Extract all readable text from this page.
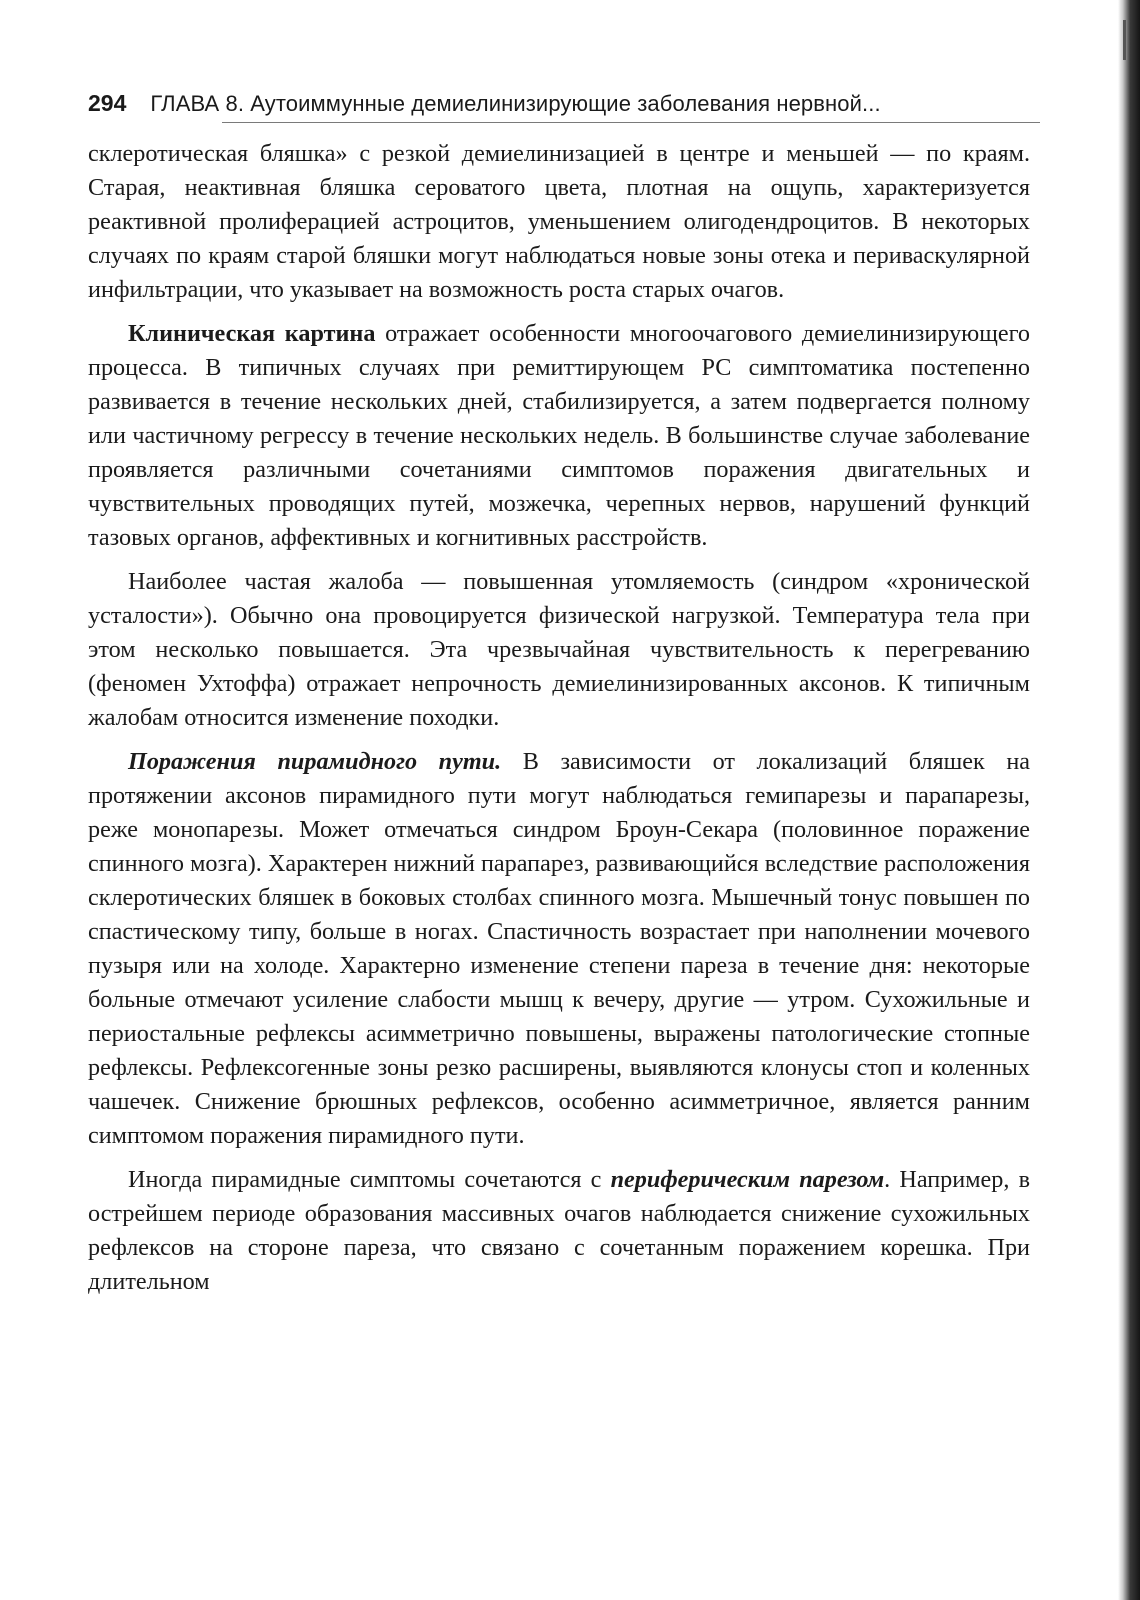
294 ГЛАВА 8. Аутоиммунные демиелинизирующие заболевания нервной...

склеротическая бляшка» с резкой демиелинизацией в центре и меньшей — по краям. Старая, неактивная бляшка сероватого цвета, плотная на ощупь, характеризуется реактивной пролиферацией астроцитов, уменьшением олигодендроцитов. В некоторых случаях по краям старой бляшки могут наблюдаться новые зоны отека и периваскулярной инфильтрации, что указывает на возможность роста старых очагов.

Клиническая картина отражает особенности многоочагового демиелинизирующего процесса. В типичных случаях при ремиттирующем РС симптоматика постепенно развивается в течение нескольких дней, стабилизируется, а затем подвергается полному или частичному регрессу в течение нескольких недель. В большинстве случае заболевание проявляется различными сочетаниями симптомов поражения двигательных и чувствительных проводящих путей, мозжечка, черепных нервов, нарушений функций тазовых органов, аффективных и когнитивных расстройств.

Наиболее частая жалоба — повышенная утомляемость (синдром «хронической усталости»). Обычно она провоцируется физической нагрузкой. Температура тела при этом несколько повышается. Эта чрезвычайная чувствительность к перегреванию (феномен Ухтоффа) отражает непрочность демиелинизированных аксонов. К типичным жалобам относится изменение походки.

Поражения пирамидного пути. В зависимости от локализаций бляшек на протяжении аксонов пирамидного пути могут наблюдаться гемипарезы и парапарезы, реже монопарезы. Может отмечаться синдром Броун-Секара (половинное поражение спинного мозга). Характерен нижний парапарез, развивающийся вследствие расположения склеротических бляшек в боковых столбах спинного мозга. Мышечный тонус повышен по спастическому типу, больше в ногах. Спастичность возрастает при наполнении мочевого пузыря или на холоде. Характерно изменение степени пареза в течение дня: некоторые больные отмечают усиление слабости мышц к вечеру, другие — утром. Сухожильные и периостальные рефлексы асимметрично повышены, выражены патологические стопные рефлексы. Рефлексогенные зоны резко расширены, выявляются клонусы стоп и коленных чашечек. Снижение брюшных рефлексов, особенно асимметричное, является ранним симптомом поражения пирамидного пути.

Иногда пирамидные симптомы сочетаются с периферическим парезом. Например, в острейшем периоде образования массивных очагов наблюдается снижение сухожильных рефлексов на стороне пареза, что связано с сочетанным поражением корешка. При длительном
